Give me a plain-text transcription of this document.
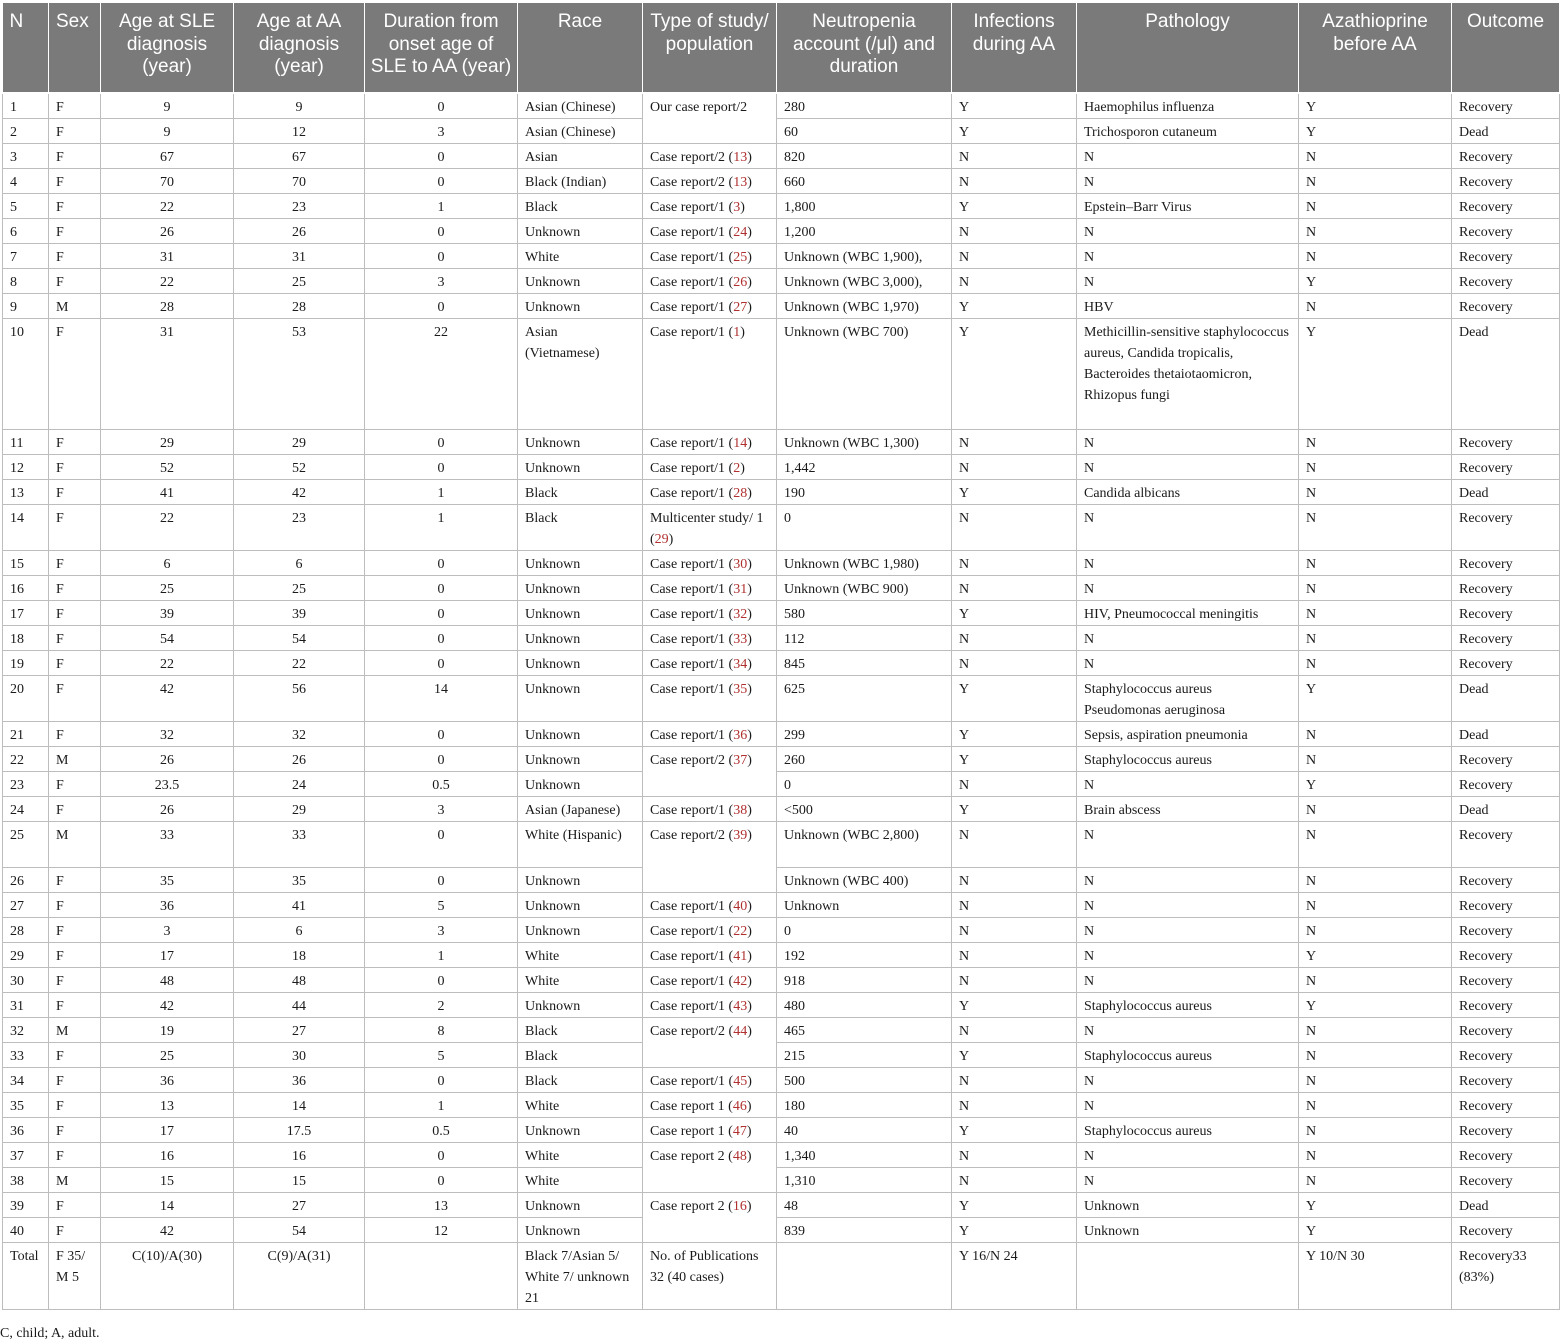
N	Sex	Age at SLE diagnosis (year)	Age at AA diagnosis (year)	Duration from onset age of SLE to AA (year)	Race	Type of study/ population	Neutropenia account (/μl) and duration	Infections during AA	Pathology	Azathioprine before AA	Outcome
1	F	9	9	0	Asian (Chinese)	Our case report/2	280	Y	Haemophilus influenza	Y	Recovery
2	F	9	12	3	Asian (Chinese)		60	Y	Trichosporon cutaneum	Y	Dead
3	F	67	67	0	Asian	Case report/2 (13)	820	N	N	N	Recovery
4	F	70	70	0	Black (Indian)	Case report/2 (13)	660	N	N	N	Recovery
5	F	22	23	1	Black	Case report/1 (3)	1,800	Y	Epstein–Barr Virus	N	Recovery
6	F	26	26	0	Unknown	Case report/1 (24)	1,200	N	N	N	Recovery
7	F	31	31	0	White	Case report/1 (25)	Unknown (WBC 1,900),	N	N	N	Recovery
8	F	22	25	3	Unknown	Case report/1 (26)	Unknown (WBC 3,000),	N	N	Y	Recovery
9	M	28	28	0	Unknown	Case report/1 (27)	Unknown (WBC 1,970)	Y	HBV	N	Recovery
10	F	31	53	22	Asian (Vietnamese)	Case report/1 (1)	Unknown (WBC 700)	Y	Methicillin-sensitive staphylococcus aureus, Candida tropicalis, Bacteroides thetaiotaomicron, Rhizopus fungi	Y	Dead
11	F	29	29	0	Unknown	Case report/1 (14)	Unknown (WBC 1,300)	N	N	N	Recovery
12	F	52	52	0	Unknown	Case report/1 (2)	1,442	N	N	N	Recovery
13	F	41	42	1	Black	Case report/1 (28)	190	Y	Candida albicans	N	Dead
14	F	22	23	1	Black	Multicenter study/ 1 (29)	0	N	N	N	Recovery
15	F	6	6	0	Unknown	Case report/1 (30)	Unknown (WBC 1,980)	N	N	N	Recovery
16	F	25	25	0	Unknown	Case report/1 (31)	Unknown (WBC 900)	N	N	N	Recovery
17	F	39	39	0	Unknown	Case report/1 (32)	580	Y	HIV, Pneumococcal meningitis	N	Recovery
18	F	54	54	0	Unknown	Case report/1 (33)	112	N	N	N	Recovery
19	F	22	22	0	Unknown	Case report/1 (34)	845	N	N	N	Recovery
20	F	42	56	14	Unknown	Case report/1 (35)	625	Y	Staphylococcus aureus Pseudomonas aeruginosa	Y	Dead
21	F	32	32	0	Unknown	Case report/1 (36)	299	Y	Sepsis, aspiration pneumonia	N	Dead
22	M	26	26	0	Unknown	Case report/2 (37)	260	Y	Staphylococcus aureus	N	Recovery
23	F	23.5	24	0.5	Unknown		0	N	N	Y	Recovery
24	F	26	29	3	Asian (Japanese)	Case report/1 (38)	<500	Y	Brain abscess	N	Dead
25	M	33	33	0	White (Hispanic)	Case report/2 (39)	Unknown (WBC 2,800)	N	N	N	Recovery
26	F	35	35	0	Unknown		Unknown (WBC 400)	N	N	N	Recovery
27	F	36	41	5	Unknown	Case report/1 (40)	Unknown	N	N	N	Recovery
28	F	3	6	3	Unknown	Case report/1 (22)	0	N	N	N	Recovery
29	F	17	18	1	White	Case report/1 (41)	192	N	N	Y	Recovery
30	F	48	48	0	White	Case report/1 (42)	918	N	N	N	Recovery
31	F	42	44	2	Unknown	Case report/1 (43)	480	Y	Staphylococcus aureus	Y	Recovery
32	M	19	27	8	Black	Case report/2 (44)	465	N	N	N	Recovery
33	F	25	30	5	Black		215	Y	Staphylococcus aureus	N	Recovery
34	F	36	36	0	Black	Case report/1 (45)	500	N	N	N	Recovery
35	F	13	14	1	White	Case report 1 (46)	180	N	N	N	Recovery
36	F	17	17.5	0.5	Unknown	Case report 1 (47)	40	Y	Staphylococcus aureus	N	Recovery
37	F	16	16	0	White	Case report 2 (48)	1,340	N	N	N	Recovery
38	M	15	15	0	White		1,310	N	N	N	Recovery
39	F	14	27	13	Unknown	Case report 2 (16)	48	Y	Unknown	Y	Dead
40	F	42	54	12	Unknown		839	Y	Unknown	Y	Recovery
Total	F 35/ M 5	C(10)/A(30)	C(9)/A(31)		Black 7/Asian 5/ White 7/ unknown 21	No. of Publications 32 (40 cases)		Y 16/N 24		Y 10/N 30	Recovery33 (83%)
C, child; A, adult.
